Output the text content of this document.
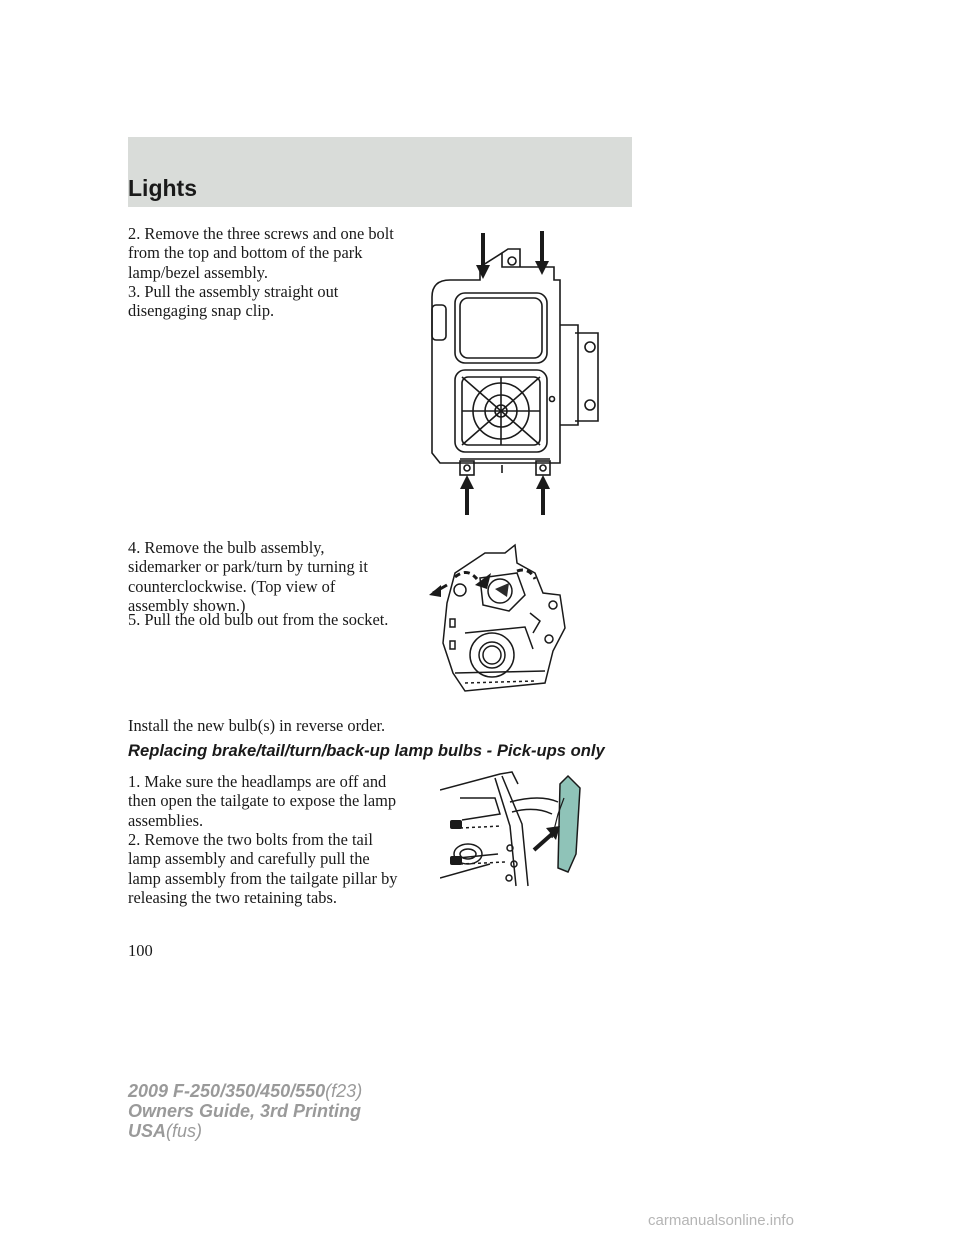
Lights

2. Remove the three screws and one bolt from the top and bottom of the park lamp/bezel assembly.

3. Pull the assembly straight out disengaging snap clip.

4. Remove the bulb assembly, sidemarker or park/turn by turning it counterclockwise. (Top view of assembly shown.)

5. Pull the old bulb out from the socket.

Install the new bulb(s) in reverse order.

Replacing brake/tail/turn/back-up lamp bulbs - Pick-ups only

1. Make sure the headlamps are off and then open the tailgate to expose the lamp assemblies.

2. Remove the two bolts from the tail lamp assembly and carefully pull the lamp assembly from the tailgate pillar by releasing the two retaining tabs.

100

2009 F-250/350/450/550(f23)
Owners Guide, 3rd Printing
USA(fus)
carmanualsonline.info
